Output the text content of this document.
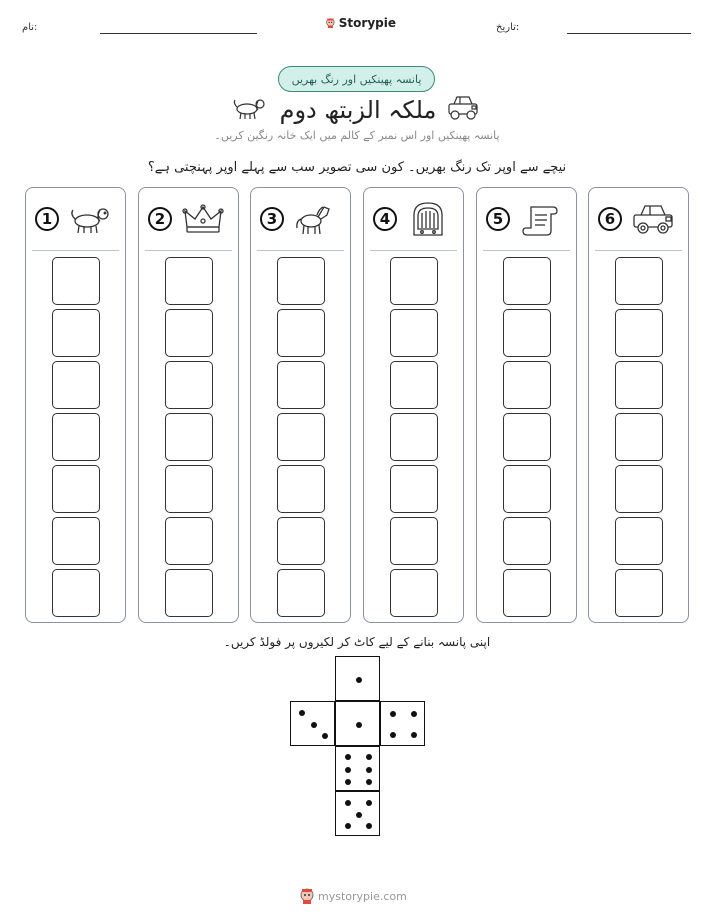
نام:	Storypie	تاریخ:
پانسہ پھینکیں اور رنگ بھریں
ملکہ الزبتھ دوم
پانسہ پھینکیں اور اس نمبر کے کالم میں ایک خانہ رنگین کریں۔
نیچے سے اوپر تک رنگ بھریں۔ کون سی تصویر سب سے پہلے اوپر پہنچتی ہے؟
1	2	3	4	5	6
اپنی پانسہ بنانے کے لیے کاٹ کر لکیروں پر فولڈ کریں۔
mystorypie.com
